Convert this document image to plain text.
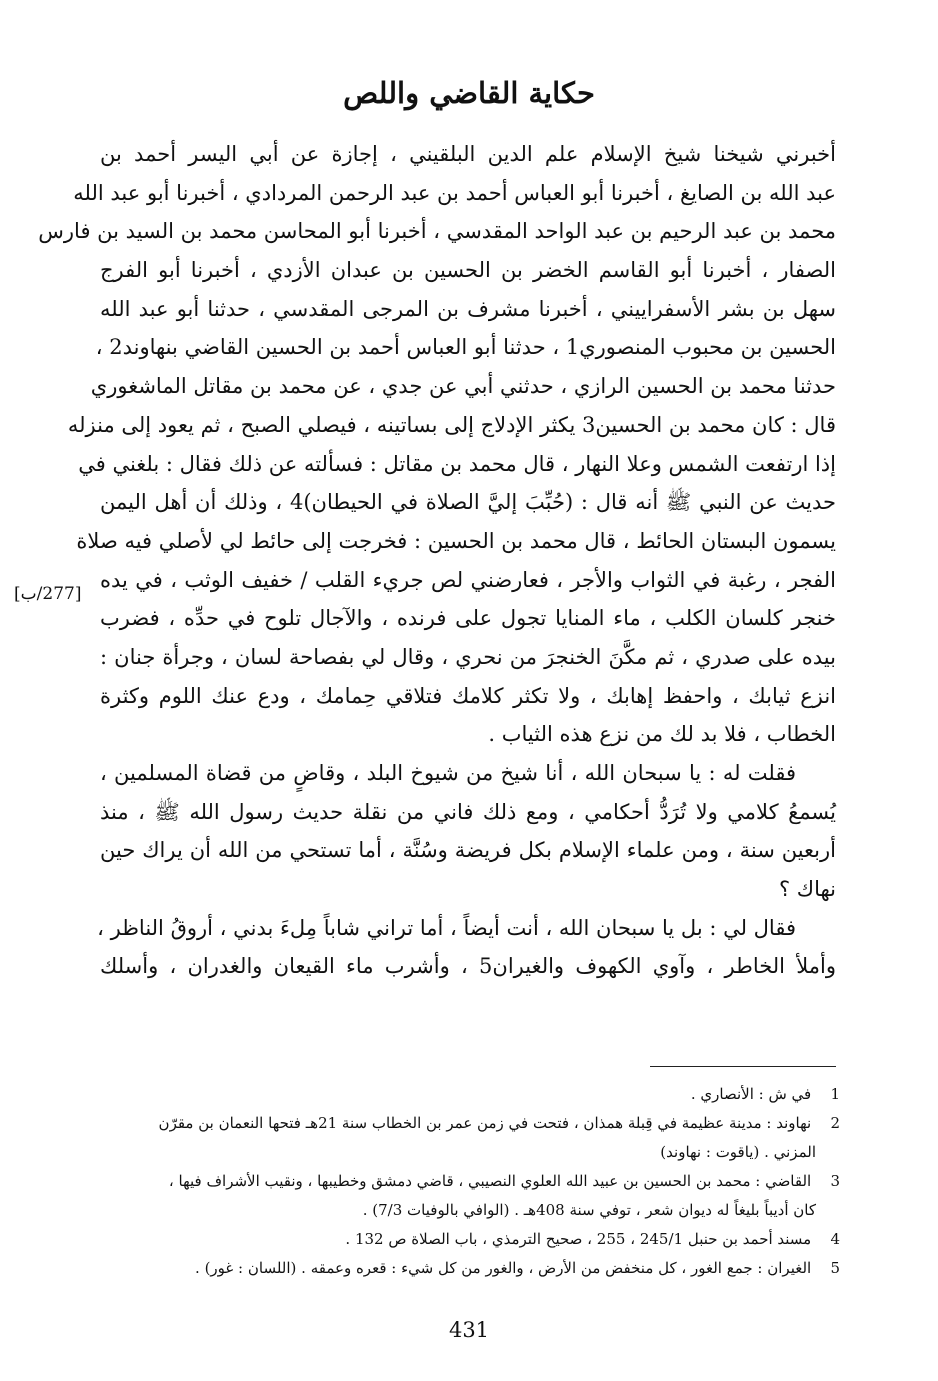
حكاية القاضي واللص
[277/ب]
أخبرني شيخنا شيخ الإسلام علم الدين البلقيني ، إجازة عن أبي اليسر أحمد بن
عبد الله بن الصايغ ، أخبرنا أبو العباس أحمد بن عبد الرحمن المردادي ، أخبرنا أبو عبد الله
محمد بن عبد الرحيم بن عبد الواحد المقدسي ، أخبرنا أبو المحاسن محمد بن السيد بن فارس
الصفار ، أخبرنا أبو القاسم الخضر بن الحسين بن عبدان الأزدي ، أخبرنا أبو الفرج
سهل بن بشر الأسفراييني ، أخبرنا مشرف بن المرجى المقدسي ، حدثنا أبو عبد الله
الحسين بن محبوب المنصوري1 ، حدثنا أبو العباس أحمد بن الحسين القاضي بنهاوند2 ،
حدثنا محمد بن الحسين الرازي ، حدثني أبي عن جدي ، عن محمد بن مقاتل الماشغوري
قال : كان محمد بن الحسين3 يكثر الإدلاج إلى بساتينه ، فيصلي الصبح ، ثم يعود إلى منزله
إذا ارتفعت الشمس وعلا النهار ، قال محمد بن مقاتل : فسألته عن ذلك فقال : بلغني في
حديث عن النبي ﷺ أنه قال : (حُبِّبَ إليَّ الصلاة في الحيطان)4 ، وذلك أن أهل اليمن
يسمون البستان الحائط ، قال محمد بن الحسين : فخرجت إلى حائط لي لأصلي فيه صلاة
الفجر ، رغبة في الثواب والأجر ، فعارضني لص جريء القلب / خفيف الوثب ، في يده
خنجر كلسان الكلب ، ماء المنايا تجول على فرنده ، والآجال تلوح في حدِّه ، فضرب
بيده على صدري ، ثم مكَّنَ الخنجرَ من نحري ، وقال لي بفصاحة لسان ، وجرأة جنان :
انزع ثيابك ، واحفظ إهابك ، ولا تكثر كلامك فتلاقي حِمامك ، ودع عنك اللوم وكثرة
الخطاب ، فلا بد لك من نزع هذه الثياب .
فقلت له : يا سبحان الله ، أنا شيخ من شيوخ البلد ، وقاضٍ من قضاة المسلمين ،
يُسمعُ كلامي ولا تُرَدُّ أحكامي ، ومع ذلك فاني من نقلة حديث رسول الله ﷺ ، منذ
أربعين سنة ، ومن علماء الإسلام بكل فريضة وسُنَّة ، أما تستحي من الله أن يراك حين
نهاك ؟
فقال لي : بل يا سبحان الله ، أنت أيضاً ، أما تراني شاباً مِلءَ بدني ، أروقُ الناظر ،
وأملأ الخاطر ، وآوي الكهوف والغيران5 ، وأشرب ماء القيعان والغدران ، وأسلك
1 في ش : الأنصاري .
2 نهاوند : مدينة عظيمة في قِبلة همذان ، فتحت في زمن عمر بن الخطاب سنة 21هـ فتحها النعمان بن مقرّن
المزني . (ياقوت : نهاوند)
3 القاضي : محمد بن الحسين بن عبيد الله العلوي النصيبي ، قاضي دمشق وخطيبها ، ونقيب الأشراف فيها ،
كان أديباً بليغاً له ديوان شعر ، توفي سنة 408هـ . (الوافي بالوفيات 7/3) .
4 مسند أحمد بن حنبل 245/1 ، 255 ، صحيح الترمذي ، باب الصلاة ص 132 .
5 الغيران : جمع الغور ، كل منخفض من الأرض ، والغور من كل شيء : قعره وعمقه . (اللسان : غور) .
431
